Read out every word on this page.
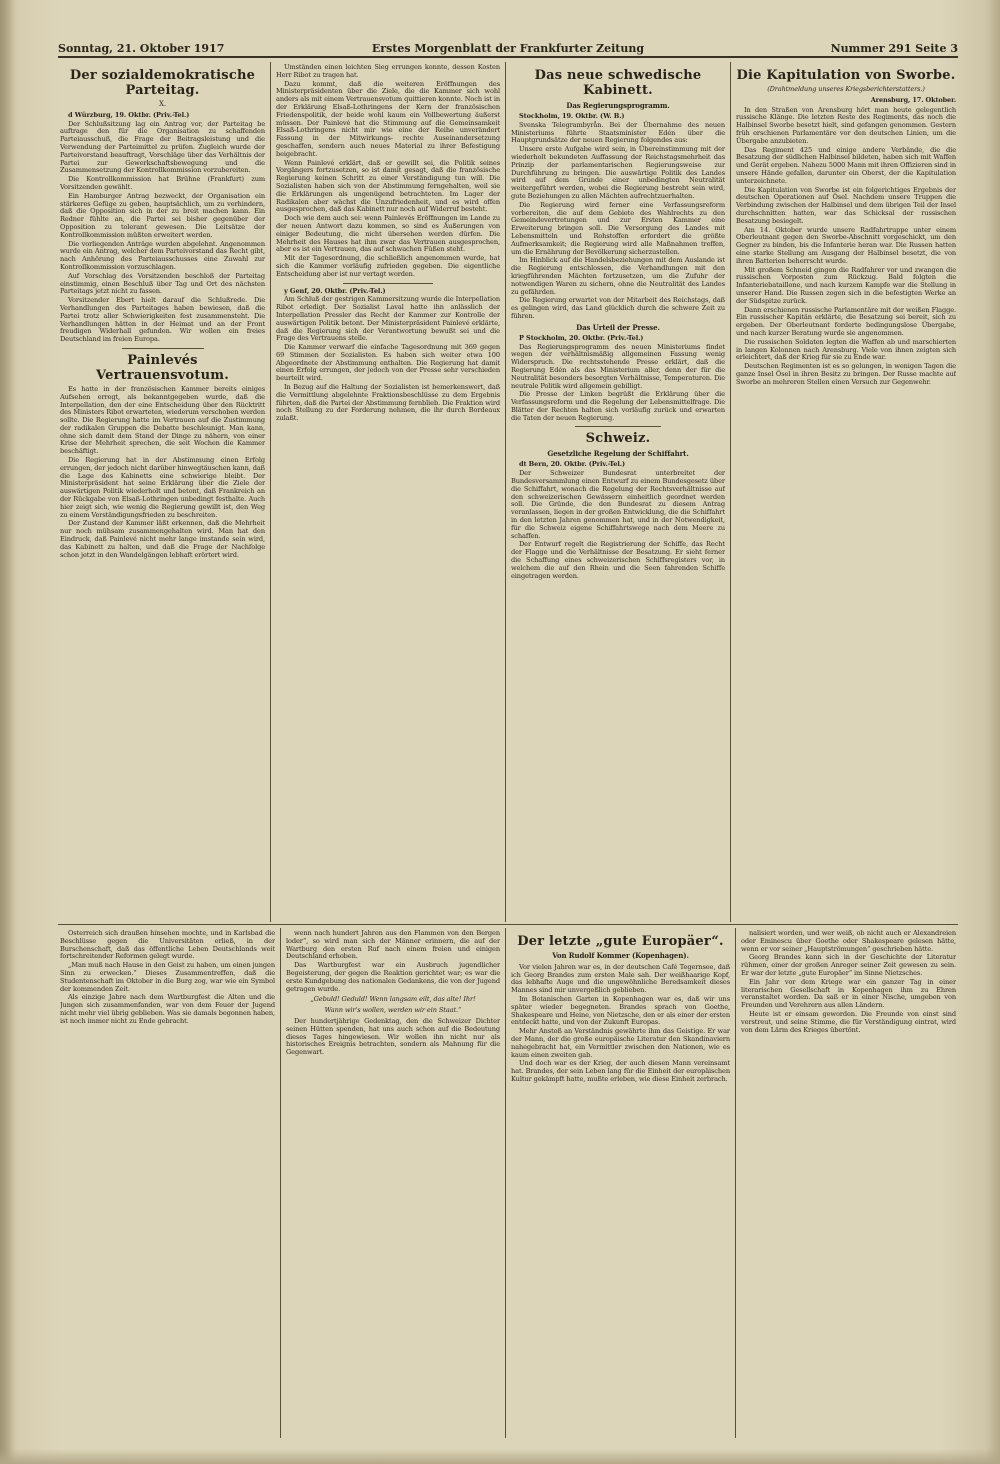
Sonntag, 21. Oktober 1917	Erstes Morgenblatt der Frankfurter Zeitung	Nummer 291 Seite 3
Der sozialdemokratische Parteitag.
X.
d Würzburg, 19. Oktbr. (Priv.-Tel.)
Der Schlußsitzung lag ein Antrag vor, der Parteitag be auftrage den für die Organisation zu schaffenden Parteiausschuß, die Frage der Beitragsleistung und die Verwendung der Parteimittel zu prüfen. Zugleich wurde der Parteivorstand beauftragt, Vorschläge über das Verhältnis der Partei zur Gewerkschaftsbewegung und die Zusammensetzung der Kontrollkommission vorzubereiten.
Die Kontrollkommission hat Brühne (Frankfurt) zum Vorsitzenden gewählt.
Ein Hamburger Antrag bezweckt, der Organisation ein stärkeres Gefüge zu geben, hauptsächlich, um zu verhindern, daß die Opposition sich in der zu breit machen kann. Ein Redner fühlte an, die Partei sei bisher gegenüber der Opposition zu tolerant gewesen. Die Leitsätze der Kontrollkommission müßten erweitert werden.
Die vorliegenden Anträge wurden abgelehnt. Angenommen wurde ein Antrag, welcher dem Parteivorstand das Recht gibt, nach Anhörung des Parteiausschusses eine Zuwahl zur Kontrollkommission vorzuschlagen.
Auf Vorschlag des Vorsitzenden beschloß der Parteitag einstimmig, einen Beschluß über Tag und Ort des nächsten Parteitags jetzt nicht zu fassen.
Vorsitzender Ebert hielt darauf die Schlußrede. Die Verhandlungen des Parteitages haben bewiesen, daß die Partei trotz aller Schwierigkeiten fest zusammensteht. Die Verhandlungen hätten in der Heimat und an der Front freudigen Widerhall gefunden. Wir wollen ein freies Deutschland im freien Europa.
Painlevés Vertrauensvotum.
Es hatte in der französischen Kammer bereits einiges Aufsehen erregt, als bekanntgegeben wurde, daß die Interpellation, den der eine Entscheidung über den Rücktritt des Ministers Ribot erwarteten, wiederum verschoben werden sollte. Die Regierung hatte im Vertrauen auf die Zustimmung der radikalen Gruppen die Debatte beschleunigt. Man kann, ohne sich damit dem Stand der Dinge zu nähern, von einer Krise der Mehrheit sprechen, die seit Wochen die Kammer beschäftigt.
Die Regierung hat in der Abstimmung einen Erfolg errungen, der jedoch nicht darüber hinwegtäuschen kann, daß die Lage des Kabinetts eine schwierige bleibt. Der Ministerpräsident hat seine Erklärung über die Ziele der auswärtigen Politik wiederholt und betont, daß Frankreich an der Rückgabe von Elsaß-Lothringen unbedingt festhalte. Auch hier zeigt sich, wie wenig die Regierung gewillt ist, den Weg zu einem Verständigungsfrieden zu beschreiten.
Der Zustand der Kammer läßt erkennen, daß die Mehrheit nur noch mühsam zusammengehalten wird. Man hat den Eindruck, daß Painlevé nicht mehr lange imstande sein wird, das Kabinett zu halten, und daß die Frage der Nachfolge schon jetzt in den Wandelgängen lebhaft erörtert wird.
Umständen einen leichten Sieg errungen konnte, dessen Kosten Herr Ribot zu tragen hat.
Dazu kommt, daß die weiteren Eröffnungen des Ministerpräsidenten über die Ziele, die die Kammer sich wohl anders als mit einem Vertrauensvotum quittieren konnte. Noch ist in der Erklärung Elsaß-Lothringens der Kern der französischen Friedenspolitik, der beide wohl kaum ein Vollbewertung äußerst müssen. Der Painlevé hat die Stimmung auf die Gemeinsamkeit Elsaß-Lothringens nicht mir wie eine der Reihe unverändert Fassung in der Mitwirkungs- rechte Auseinandersetzung geschaffen, sondern auch neues Material zu ihrer Befestigung beigebracht.
Wenn Painlevé erklärt, daß er gewillt sei, die Politik seines Vorgängers fortzusetzen, so ist damit gesagt, daß die französische Regierung keinen Schritt zu einer Verständigung tun will. Die Sozialisten haben sich von der Abstimmung ferngehalten, weil sie die Erklärungen als ungenügend betrachteten. Im Lager der Radikalen aber wächst die Unzufriedenheit, und es wird offen ausgesprochen, daß das Kabinett nur noch auf Widerruf besteht.
Doch wie dem auch sei: wenn Painlevés Eröffnungen im Lande zu der neuen Antwort dazu kommen, so sind es Äußerungen von einiger Bedeutung, die nicht übersehen werden dürfen. Die Mehrheit des Hauses hat ihm zwar das Vertrauen ausgesprochen, aber es ist ein Vertrauen, das auf schwachen Füßen steht.
Mit der Tagesordnung, die schließlich angenommen wurde, hat sich die Kammer vorläufig zufrieden gegeben. Die eigentliche Entscheidung aber ist nur vertagt worden.
y Genf, 20. Oktbr. (Priv.-Tel.)
Am Schluß der gestrigen Kammersitzung wurde die Interpellation Ribot erledigt. Der Sozialist Laval hatte ihn anlässlich der Interpellation Pressler das Recht der Kammer zur Kontrolle der auswärtigen Politik betont. Der Ministerpräsident Painlevé erklärte, daß die Regierung sich der Verantwortung bewußt sei und die Frage des Vertrauens stelle.
Die Kammer verwarf die einfache Tagesordnung mit 369 gegen 69 Stimmen der Sozialisten. Es haben sich weiter etwa 100 Abgeordnete der Abstimmung enthalten. Die Regierung hat damit einen Erfolg errungen, der jedoch von der Presse sehr verschieden beurteilt wird.
In Bezug auf die Haltung der Sozialisten ist bemerkenswert, daß die Vermittlung abgelehnte Fraktionsbeschlüsse zu dem Ergebnis führten, daß die Partei der Abstimmung fernblieb. Die Fraktion wird noch Stellung zu der Forderung nehmen, die ihr durch Bordeaux zulaßt.
Das neue schwedische Kabinett.
Das Regierungsprogramm.
Stockholm, 19. Oktbr. (W. B.)
Svenska Telegrambyrån. Bei der Übernahme des neuen Ministeriums führte Staatsminister Edén über die Hauptgrundsätze der neuen Regierung folgendes aus:
Unsere erste Aufgabe wird sein, in Übereinstimmung mit der wiederholt bekundeten Auffassung der Reichstagsmehrheit das Prinzip der parlamentarischen Regierungsweise zur Durchführung zu bringen. Die auswärtige Politik des Landes wird auf dem Grunde einer unbedingten Neutralität weitergeführt werden, wobei die Regierung bestrebt sein wird, gute Beziehungen zu allen Mächten aufrechtzuerhalten.
Die Regierung wird ferner eine Verfassungsreform vorbereiten, die auf dem Gebiete des Wahlrechts zu den Gemeindevertretungen und zur Ersten Kammer eine Erweiterung bringen soll. Die Versorgung des Landes mit Lebensmitteln und Rohstoffen erfordert die größte Aufmerksamkeit; die Regierung wird alle Maßnahmen treffen, um die Ernährung der Bevölkerung sicherzustellen.
Im Hinblick auf die Handelsbeziehungen mit dem Auslande ist die Regierung entschlossen, die Verhandlungen mit den kriegführenden Mächten fortzusetzen, um die Zufuhr der notwendigen Waren zu sichern, ohne die Neutralität des Landes zu gefährden.
Die Regierung erwartet von der Mitarbeit des Reichstags, daß es gelingen wird, das Land glücklich durch die schwere Zeit zu führen.
Das Urteil der Presse.
P Stockholm, 20. Oktbr. (Priv.-Tel.)
Das Regierungsprogramm des neuen Ministeriums findet wegen der verhältnismäßig allgemeinen Fassung wenig Widerspruch. Die rechtsstehende Presse erklärt, daß die Regierung Edén als das Ministerium aller, denn der für die Neutralität besonders besorgten Verhältnisse, Temperaturen. Die neutrale Politik wird allgemein gebilligt.
Die Presse der Linken begrüßt die Erklärung über die Verfassungsreform und die Regelung der Lebensmittelfrage. Die Blätter der Rechten halten sich vorläufig zurück und erwarten die Taten der neuen Regierung.
Schweiz.
Gesetzliche Regelung der Schiffahrt.
dt Bern, 20. Oktbr. (Priv.-Tel.)
Der Schweizer Bundesrat unterbreitet der Bundesversammlung einen Entwurf zu einem Bundesgesetz über die Schiffahrt, wonach die Regelung der Rechtsverhältnisse auf den schweizerischen Gewässern einheitlich geordnet werden soll. Die Gründe, die den Bundesrat zu diesem Antrag veranlassen, liegen in der großen Entwicklung, die die Schiffahrt in den letzten Jahren genommen hat, und in der Notwendigkeit, für die Schweiz eigene Schiffahrtswege nach dem Meere zu schaffen.
Der Entwurf regelt die Registrierung der Schiffe, das Recht der Flagge und die Verhältnisse der Besatzung. Er sieht ferner die Schaffung eines schweizerischen Schiffsregisters vor, in welchem die auf den Rhein und die Seen fahrenden Schiffe eingetragen werden.
Die Kapitulation von Sworbe.
(Drahtmeldung unseres Kriegsberichterstatters.)
Arensburg, 17. Oktober.
In den Straßen von Arensburg hört man heute gelegentlich russische Klänge. Die letzten Reste des Regiments, das noch die Halbinsel Sworbe besetzt hielt, sind gefangen genommen. Gestern früh erschienen Parlamentäre vor den deutschen Linien, um die Übergabe anzubieten.
Das Regiment 425 und einige andere Verbände, die die Besatzung der südlichen Halbinsel bildeten, haben sich mit Waffen und Gerät ergeben. Nahezu 5000 Mann mit ihren Offizieren sind in unsere Hände gefallen, darunter ein Oberst, der die Kapitulation unterzeichnete.
Die Kapitulation von Sworbe ist ein folgerichtiges Ergebnis der deutschen Operationen auf Ösel. Nachdem unsere Truppen die Verbindung zwischen der Halbinsel und dem übrigen Teil der Insel durchschnitten hatten, war das Schicksal der russischen Besatzung besiegelt.
Am 14. Oktober wurde unsere Radfahrtruppe unter einem Oberleutnant gegen den Sworbe-Abschnitt vorgeschickt, um den Gegner zu binden, bis die Infanterie heran war. Die Russen hatten eine starke Stellung am Ausgang der Halbinsel besetzt, die von ihren Batterien beherrscht wurde.
Mit großem Schneid gingen die Radfahrer vor und zwangen die russischen Vorposten zum Rückzug. Bald folgten die Infanteriebataillone, und nach kurzem Kampfe war die Stellung in unserer Hand. Die Russen zogen sich in die befestigten Werke an der Südspitze zurück.
Dann erschienen russische Parlamentäre mit der weißen Flagge. Ein russischer Kapitän erklärte, die Besatzung sei bereit, sich zu ergeben. Der Oberleutnant forderte bedingungslose Übergabe, und nach kurzer Beratung wurde sie angenommen.
Die russischen Soldaten legten die Waffen ab und marschierten in langen Kolonnen nach Arensburg. Viele von ihnen zeigten sich erleichtert, daß der Krieg für sie zu Ende war.
Deutschen Regimenten ist es so gelungen, in wenigen Tagen die ganze Insel Ösel in ihren Besitz zu bringen. Der Russe machte auf Sworbe an mehreren Stellen einen Versuch zur Gegenwehr.
Österreich sich draußen hinsehen mochte, und in Karlsbad die Beschlüsse gegen die Universitäten erließ, in der Burschenschaft, daß das öffentliche Leben Deutschlands weit fortschreitender Reformen gelegt wurde.
„Man muß nach Hause in den Geist zu haben, um einen jungen Sinn zu erwecken.“ Dieses Zusammentreffen, daß die Studentenschaft im Oktober in die Burg zog, war wie ein Symbol der kommenden Zeit.
Als einzige Jahre nach dem Wartburgfest die Alten und die Jungen sich zusammenfanden, war von dem Feuer der Jugend nicht mehr viel übrig geblieben. Was sie damals begonnen haben, ist noch immer nicht zu Ende gebracht.
wenn nach hundert Jahren aus den Flammen von den Bergen loder“, so wird man sich der Männer erinnern, die auf der Wartburg den ersten Ruf nach einem freien und einigen Deutschland erhoben.
Das Wartburgfest war ein Ausbruch jugendlicher Begeisterung, der gegen die Reaktion gerichtet war; es war die erste Kundgebung des nationalen Gedankens, die von der Jugend getragen wurde.
„Gebuld! Geduld! Wenn langsam eilt, das alte! Ihr!
Wann wir's wollen, werden wir ein Staat.“
Der hundertjährige Gedenktag, den die Schweizer Dichter seinen Hütten spenden, hat uns auch schon auf die Bedeutung dieses Tages hingewiesen. Wir wollen ihn nicht nur als historisches Ereignis betrachten, sondern als Mahnung für die Gegenwart.
Der letzte „gute Europäer“.
Von Rudolf Kommer (Kopenhagen).
Vor vielen Jahren war es, in der deutschen Café Tegernsee, daß ich Georg Brandes zum ersten Male sah. Der weißhaarige Kopf, das lebhafte Auge und die ungewöhnliche Beredsamkeit dieses Mannes sind mir unvergeßlich geblieben.
Im Botanischen Garten in Kopenhagen war es, daß wir uns später wieder begegneten. Brandes sprach von Goethe, Shakespeare und Heine, von Nietzsche, den er als einer der ersten entdeckt hatte, und von der Zukunft Europas.
Mehr Anstoß an Verständnis gewährte ihm das Geistige. Er war der Mann, der die große europäische Literatur den Skandinaviern nahegebracht hat, ein Vermittler zwischen den Nationen, wie es kaum einen zweiten gab.
Und doch war es der Krieg, der auch diesen Mann vereinsamt hat. Brandes, der sein Leben lang für die Einheit der europäischen Kultur gekämpft hatte, mußte erleben, wie diese Einheit zerbrach.
nalisiert worden, und wer weiß, ob nicht auch er Alexandreien oder Eminescu über Goethe oder Shakespeare gelesen hätte, wenn er vor seiner „Hauptströmungen“ geschrieben hätte.
Georg Brandes kann sich in der Geschichte der Literatur rühmen, einer der großen Anreger seiner Zeit gewesen zu sein. Er war der letzte „gute Europäer“ im Sinne Nietzsches.
Ein Jahr vor dem Kriege war ein ganzer Tag in einer literarischen Gesellschaft in Kopenhagen ihm zu Ehren veranstaltet worden. Da saß er in einer Nische, umgeben von Freunden und Verehrern aus allen Ländern.
Heute ist er einsam geworden. Die Freunde von einst sind verstreut, und seine Stimme, die für Verständigung eintrat, wird von dem Lärm des Krieges übertönt.
